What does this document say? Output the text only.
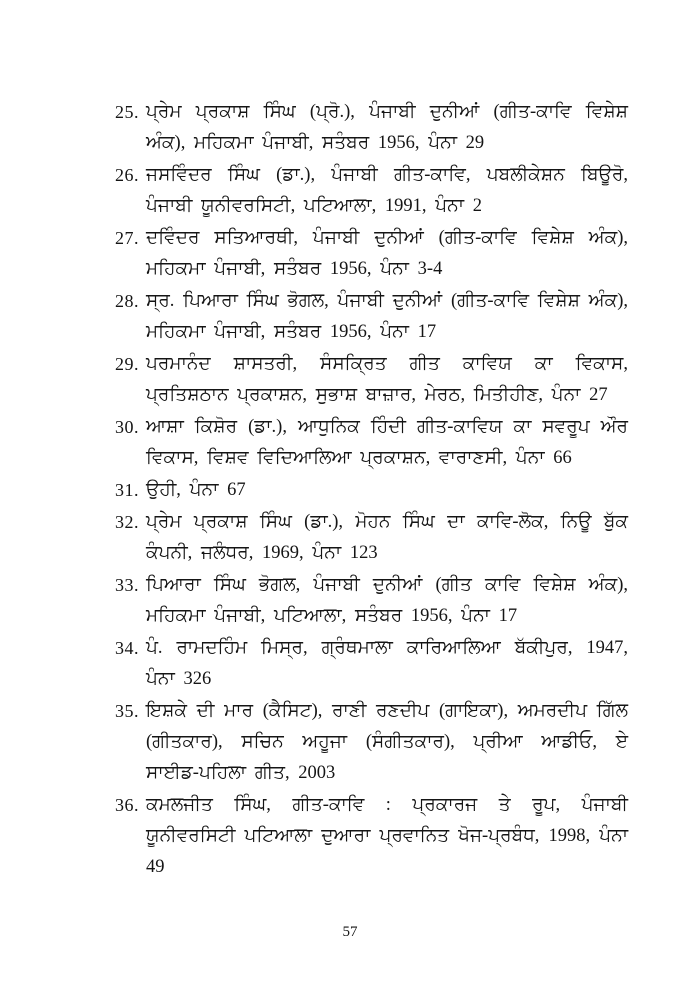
25. ਪ੍ਰੇਮ ਪ੍ਰਕਾਸ਼ ਸਿੰਘ (ਪ੍ਰੋ.), ਪੰਜਾਬੀ ਦੁਨੀਆਂ (ਗੀਤ-ਕਾਵਿ ਵਿਸ਼ੇਸ਼ ਅੰਕ), ਮਹਿਕਮਾ ਪੰਜਾਬੀ, ਸਤੰਬਰ 1956, ਪੰਨਾ 29
26. ਜਸਵਿੰਦਰ ਸਿੰਘ (ਡਾ.), ਪੰਜਾਬੀ ਗੀਤ-ਕਾਵਿ, ਪਬਲੀਕੇਸ਼ਨ ਬਿਊਰੋ, ਪੰਜਾਬੀ ਯੂਨੀਵਰਸਿਟੀ, ਪਟਿਆਲਾ, 1991, ਪੰਨਾ 2
27. ਦਵਿੰਦਰ ਸਤਿਆਰਥੀ, ਪੰਜਾਬੀ ਦੁਨੀਆਂ (ਗੀਤ-ਕਾਵਿ ਵਿਸ਼ੇਸ਼ ਅੰਕ), ਮਹਿਕਮਾ ਪੰਜਾਬੀ, ਸਤੰਬਰ 1956, ਪੰਨਾ 3-4
28. ਸ੍ਰ. ਪਿਆਰਾ ਸਿੰਘ ਭੋਗਲ, ਪੰਜਾਬੀ ਦੁਨੀਆਂ (ਗੀਤ-ਕਾਵਿ ਵਿਸ਼ੇਸ਼ ਅੰਕ), ਮਹਿਕਮਾ ਪੰਜਾਬੀ, ਸਤੰਬਰ 1956, ਪੰਨਾ 17
29. ਪਰਮਾਨੰਦ ਸ਼ਾਸਤਰੀ, ਸੰਸਕ੍ਰਿਤ ਗੀਤ ਕਾਵਿਯ ਕਾ ਵਿਕਾਸ, ਪ੍ਰਤਿਸ਼ਠਾਨ ਪ੍ਰਕਾਸ਼ਨ, ਸੁਭਾਸ਼ ਬਾਜ਼ਾਰ, ਮੇਰਠ, ਮਿਤੀਹੀਣ, ਪੰਨਾ 27
30. ਆਸ਼ਾ ਕਿਸ਼ੋਰ (ਡਾ.), ਆਧੁਨਿਕ ਹਿੰਦੀ ਗੀਤ-ਕਾਵਿਯ ਕਾ ਸਵਰੂਪ ਔਰ ਵਿਕਾਸ, ਵਿਸ਼ਵ ਵਿਦਿਆਲਿਆ ਪ੍ਰਕਾਸ਼ਨ, ਵਾਰਾਣਸੀ, ਪੰਨਾ 66
31. ਉਹੀ, ਪੰਨਾ 67
32. ਪ੍ਰੇਮ ਪ੍ਰਕਾਸ਼ ਸਿੰਘ (ਡਾ.), ਮੋਹਨ ਸਿੰਘ ਦਾ ਕਾਵਿ-ਲੋਕ, ਨਿਊ ਬੁੱਕ ਕੰਪਨੀ, ਜਲੰਧਰ, 1969, ਪੰਨਾ 123
33. ਪਿਆਰਾ ਸਿੰਘ ਭੋਗਲ, ਪੰਜਾਬੀ ਦੁਨੀਆਂ (ਗੀਤ ਕਾਵਿ ਵਿਸ਼ੇਸ਼ ਅੰਕ), ਮਹਿਕਮਾ ਪੰਜਾਬੀ, ਪਟਿਆਲਾ, ਸਤੰਬਰ 1956, ਪੰਨਾ 17
34. ਪੰ. ਰਾਮਦਹਿੰਮ ਮਿਸ੍ਰ, ਗ੍ਰੰਥਮਾਲਾ ਕਾਰਿਆਲਿਆ ਬੱਕੀਪੁਰ, 1947, ਪੰਨਾ 326
35. ਇਸ਼ਕੇ ਦੀ ਮਾਰ (ਕੈਸਿਟ), ਰਾਣੀ ਰਣਦੀਪ (ਗਾਇਕਾ), ਅਮਰਦੀਪ ਗਿੱਲ (ਗੀਤਕਾਰ), ਸਚਿਨ ਅਹੂਜਾ (ਸੰਗੀਤਕਾਰ), ਪ੍ਰੀਆ ਆਡੀਓ, ਏ ਸਾਈਡ-ਪਹਿਲਾ ਗੀਤ, 2003
36. ਕਮਲਜੀਤ ਸਿੰਘ, ਗੀਤ-ਕਾਵਿ : ਪ੍ਰਕਾਰਜ ਤੇ ਰੂਪ, ਪੰਜਾਬੀ ਯੂਨੀਵਰਸਿਟੀ ਪਟਿਆਲਾ ਦੁਆਰਾ ਪ੍ਰਵਾਨਿਤ ਖੋਜ-ਪ੍ਰਬੰਧ, 1998, ਪੰਨਾ 49
57
